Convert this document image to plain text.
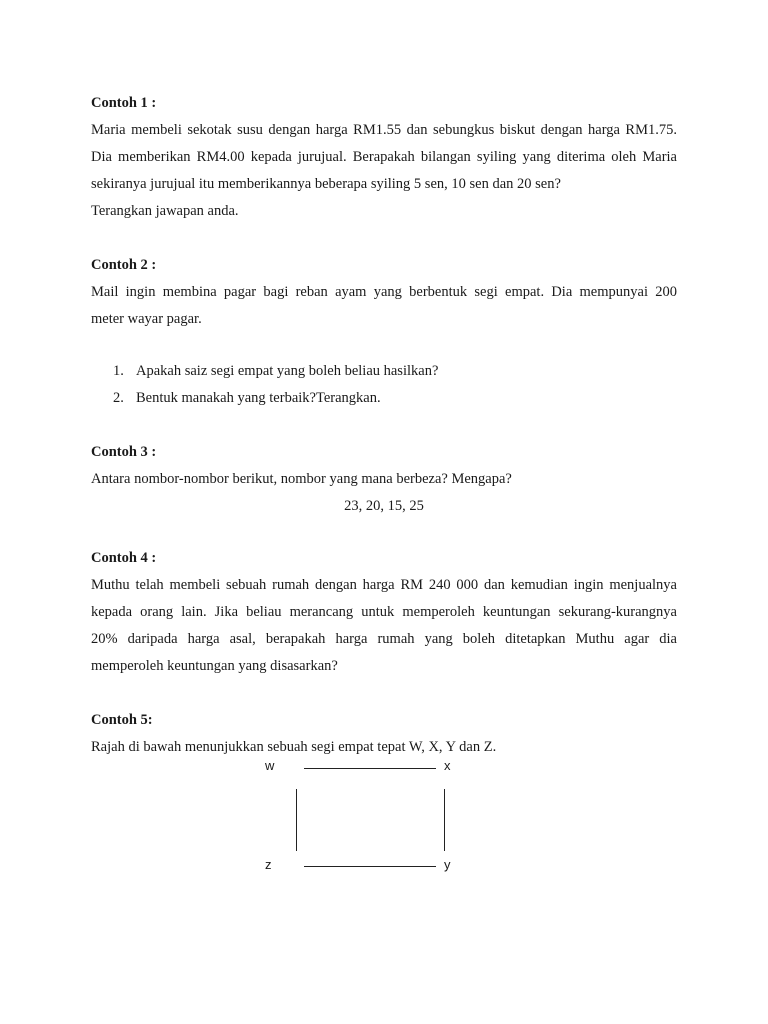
Contoh 1 :
Maria membeli sekotak susu dengan harga RM1.55 dan sebungkus biskut dengan harga RM1.75.
Dia memberikan RM4.00 kepada jurujual. Berapakah bilangan syiling yang diterima oleh Maria
sekiranya jurujual itu memberikannya beberapa syiling 5 sen, 10 sen dan 20 sen?
Terangkan jawapan anda.
Contoh 2 :
Mail ingin membina pagar bagi reban ayam yang berbentuk segi empat. Dia mempunyai 200
meter wayar pagar.
1. Apakah saiz segi empat yang boleh beliau hasilkan?
2. Bentuk manakah yang terbaik?Terangkan.
Contoh 3 :
Antara nombor-nombor berikut, nombor yang mana berbeza? Mengapa?
23, 20, 15, 25
Contoh 4 :
Muthu telah membeli sebuah rumah dengan harga RM 240 000 dan kemudian ingin menjualnya
kepada orang lain. Jika beliau merancang untuk memperoleh keuntungan sekurang-kurangnya
20% daripada harga asal, berapakah harga rumah yang boleh ditetapkan Muthu agar dia
memperoleh keuntungan yang disasarkan?
Contoh 5:
Rajah di bawah menunjukkan sebuah segi empat tepat W, X, Y dan Z.
w	x
z	y
